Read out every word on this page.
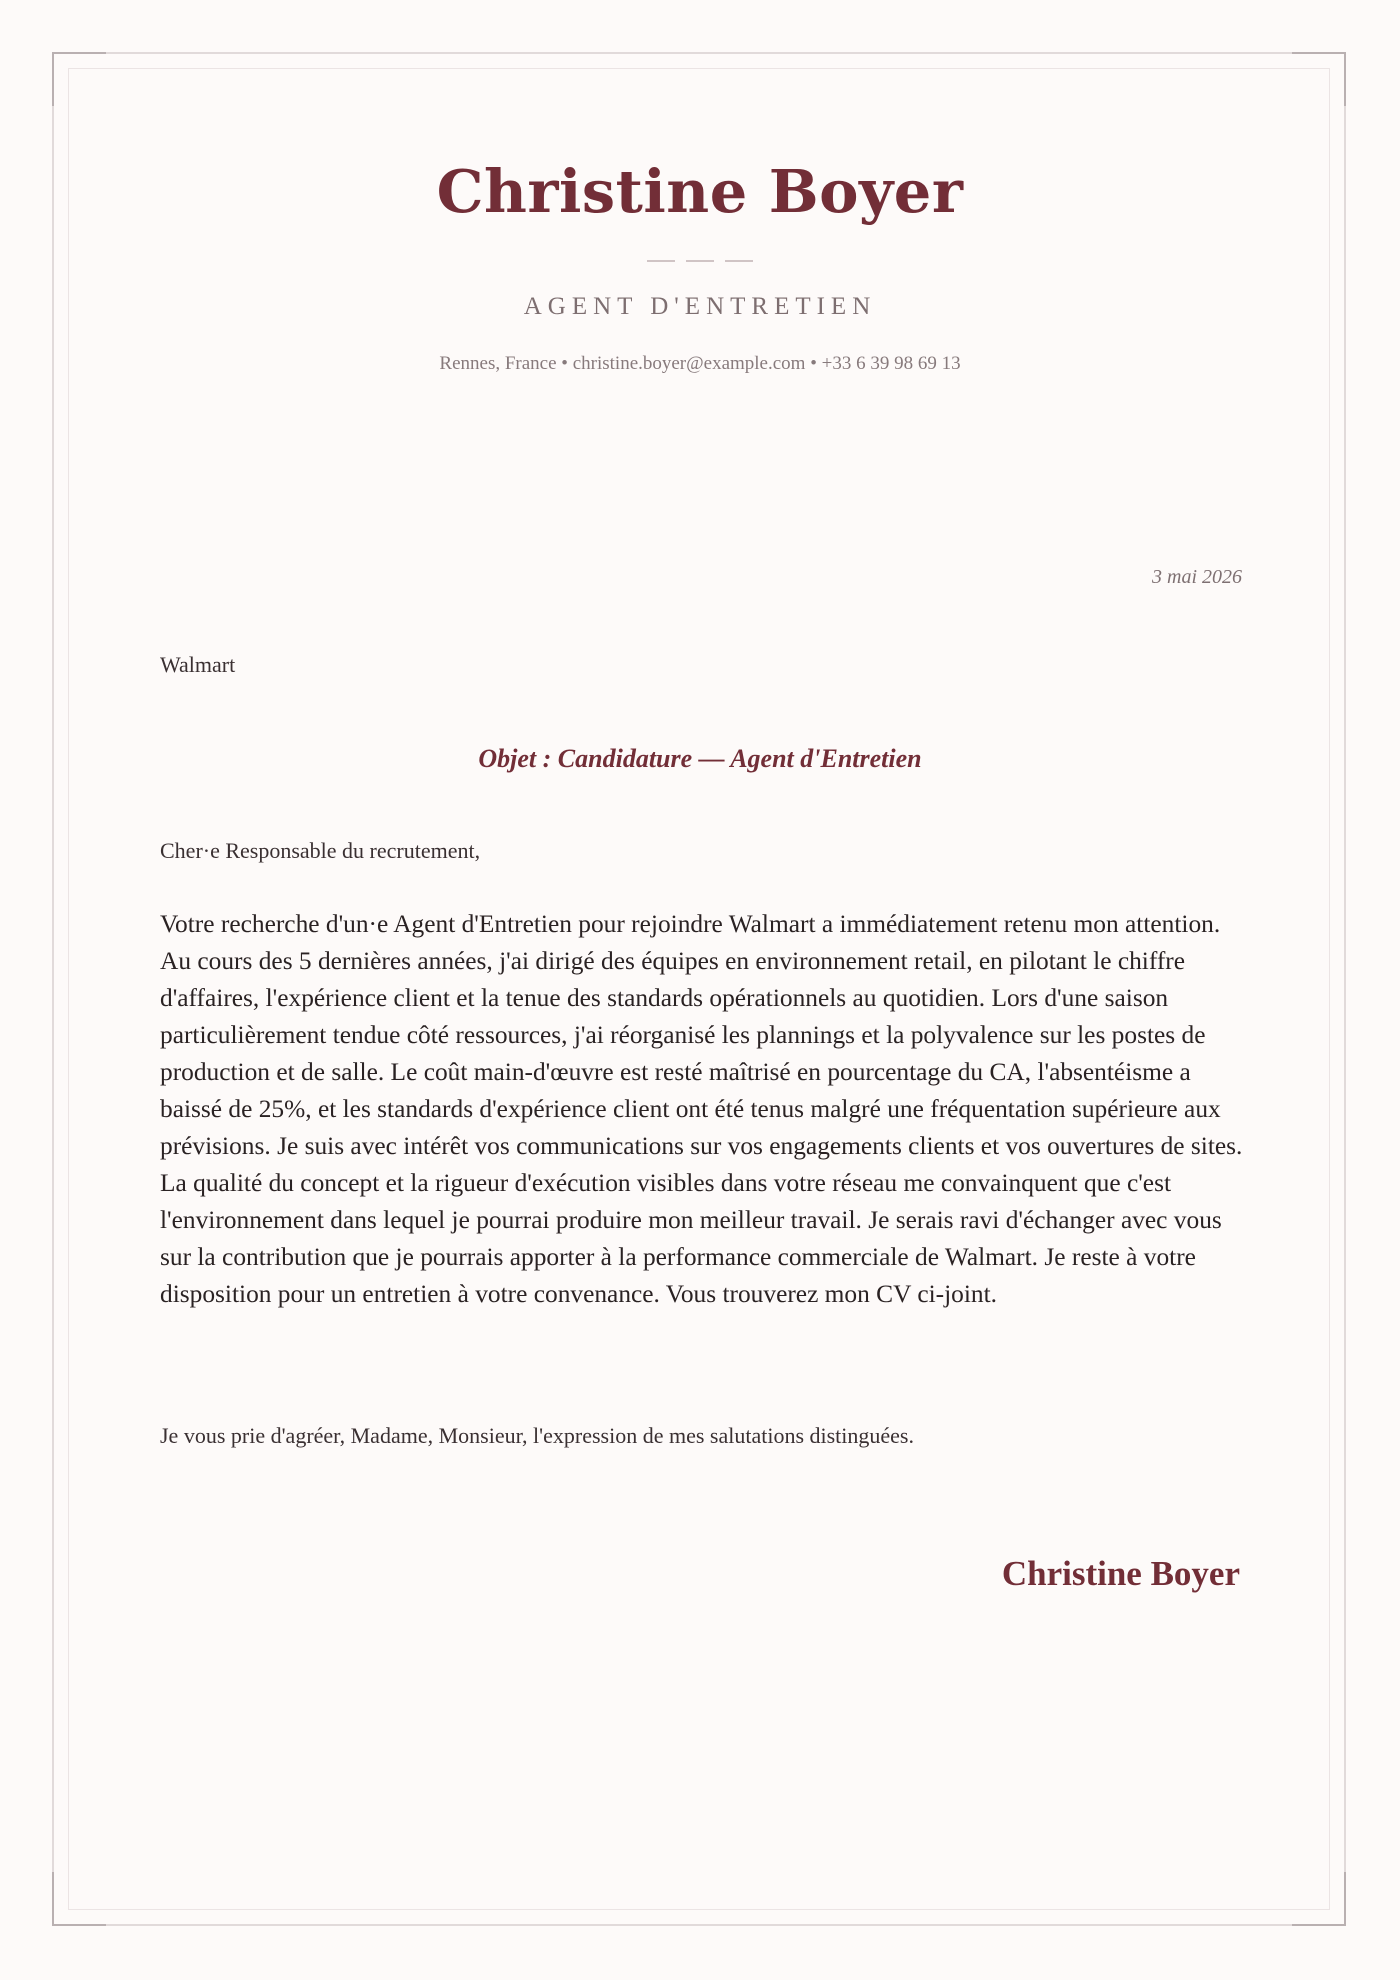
Christine Boyer
AGENT D'ENTRETIEN
Rennes, France • christine.boyer@example.com • +33 6 39 98 69 13
3 mai 2026
Walmart
Objet : Candidature — Agent d'Entretien
Cher·e Responsable du recrutement,

Votre recherche d'un·e Agent d'Entretien pour rejoindre Walmart a immédiatement retenu mon attention. Au cours des 5 dernières années, j'ai dirigé des équipes en environnement retail, en pilotant le chiffre d'affaires, l'expérience client et la tenue des standards opérationnels au quotidien. Lors d'une saison particulièrement tendue côté ressources, j'ai réorganisé les plannings et la polyvalence sur les postes de production et de salle. Le coût main-d'œuvre est resté maîtrisé en pourcentage du CA, l'absentéisme a baissé de 25%, et les standards d'expérience client ont été tenus malgré une fréquentation supérieure aux prévisions. Je suis avec intérêt vos communications sur vos engagements clients et vos ouvertures de sites. La qualité du concept et la rigueur d'exécution visibles dans votre réseau me convainquent que c'est l'environnement dans lequel je pourrai produire mon meilleur travail. Je serais ravi d'échanger avec vous sur la contribution que je pourrais apporter à la performance commerciale de Walmart. Je reste à votre disposition pour un entretien à votre convenance. Vous trouverez mon CV ci-joint.

Je vous prie d'agréer, Madame, Monsieur, l'expression de mes salutations distinguées.
Christine Boyer
